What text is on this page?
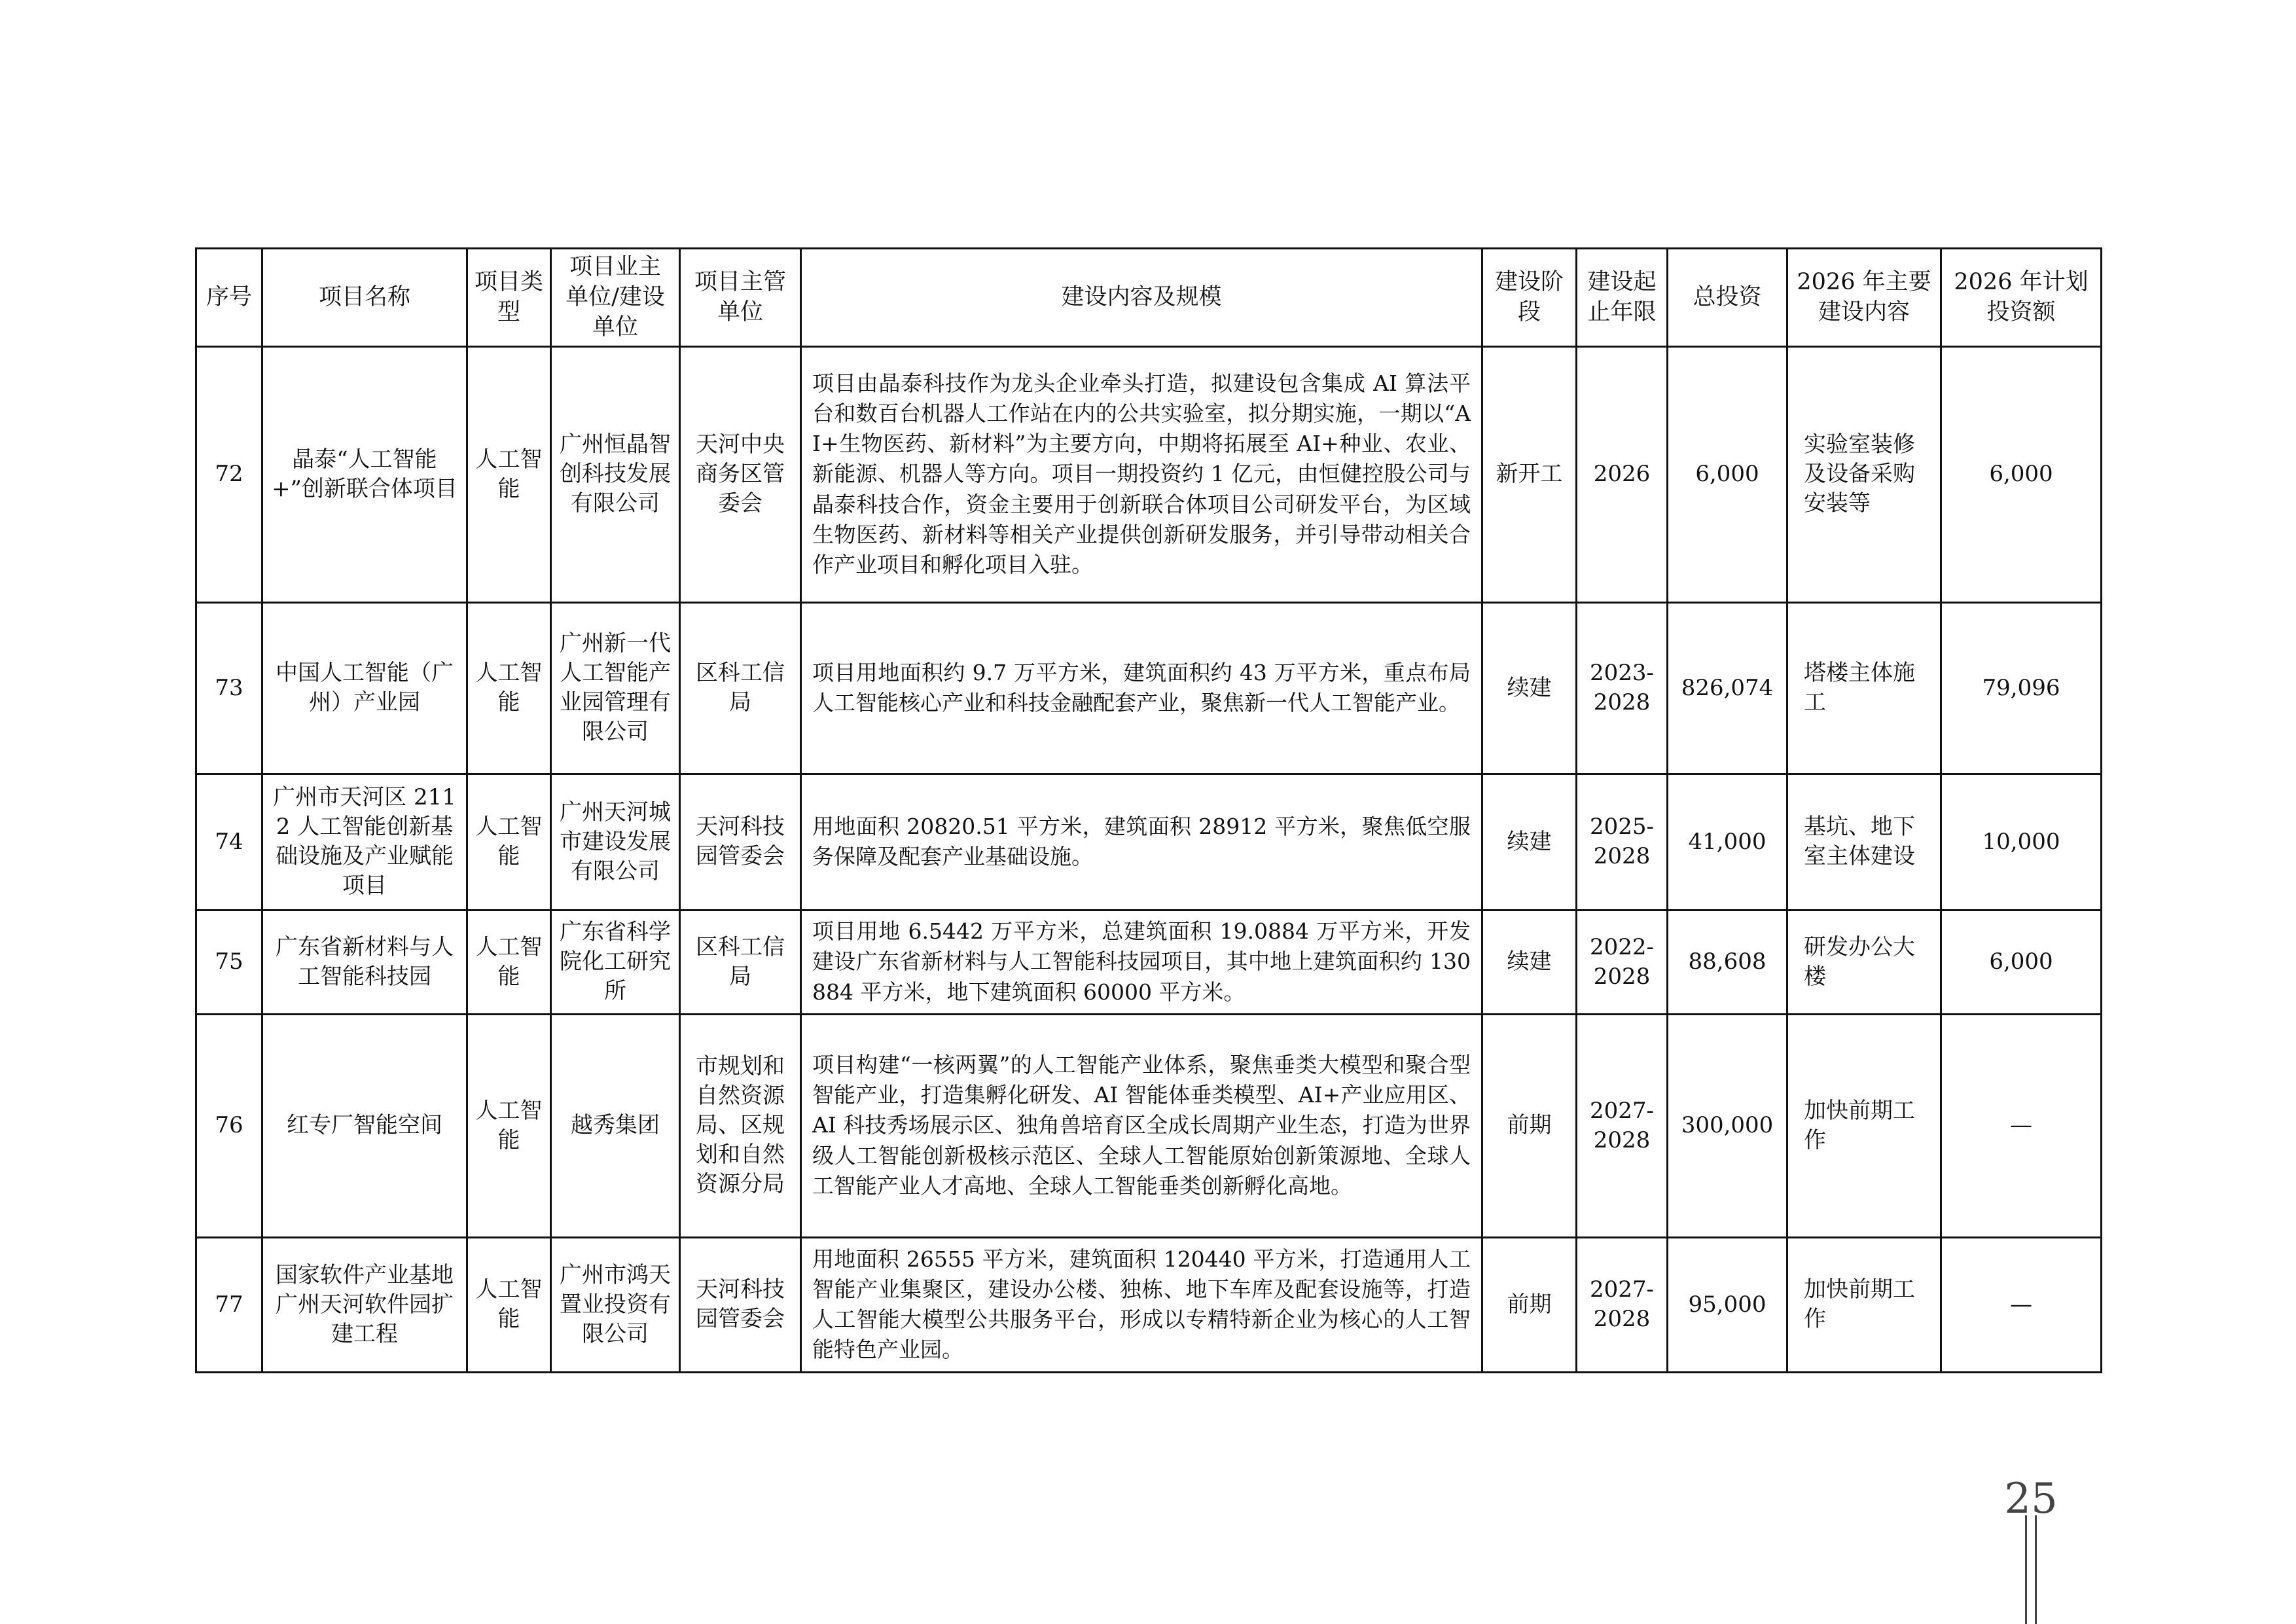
序号	项目名称	项目类型	项目业主单位/建设单位	项目主管单位	建设内容及规模	建设阶段	建设起止年限	总投资	2026 年主要建设内容	2026 年计划投资额
72	晶泰“人工智能+”创新联合体项目	人工智能	广州恒晶智创科技发展有限公司	天河中央商务区管委会	项目由晶泰科技作为龙头企业牵头打造，拟建设包含集成 AI 算法平台和数百台机器人工作站在内的公共实验室，拟分期实施，一期以“AI+生物医药、新材料”为主要方向，中期将拓展至 AI+种业、农业、新能源、机器人等方向。项目一期投资约 1 亿元，由恒健控股公司与晶泰科技合作，资金主要用于创新联合体项目公司研发平台，为区域生物医药、新材料等相关产业提供创新研发服务，并引导带动相关合作产业项目和孵化项目入驻。	新开工	2026	6,000	实验室装修及设备采购安装等	6,000
73	中国人工智能（广州）产业园	人工智能	广州新一代人工智能产业园管理有限公司	区科工信局	项目用地面积约 9.7 万平方米，建筑面积约 43 万平方米，重点布局人工智能核心产业和科技金融配套产业，聚焦新一代人工智能产业。	续建	2023-2028	826,074	塔楼主体施工	79,096
74	广州市天河区 2112 人工智能创新基础设施及产业赋能项目	人工智能	广州天河城市建设发展有限公司	天河科技园管委会	用地面积 20820.51 平方米，建筑面积 28912 平方米，聚焦低空服务保障及配套产业基础设施。	续建	2025-2028	41,000	基坑、地下室主体建设	10,000
75	广东省新材料与人工智能科技园	人工智能	广东省科学院化工研究所	区科工信局	项目用地 6.5442 万平方米，总建筑面积 19.0884 万平方米，开发建设广东省新材料与人工智能科技园项目，其中地上建筑面积约 130884 平方米，地下建筑面积 60000 平方米。	续建	2022-2028	88,608	研发办公大楼	6,000
76	红专厂智能空间	人工智能	越秀集团	市规划和自然资源局、区规划和自然资源分局	项目构建“一核两翼”的人工智能产业体系，聚焦垂类大模型和聚合型智能产业，打造集孵化研发、AI 智能体垂类模型、AI+产业应用区、AI 科技秀场展示区、独角兽培育区全成长周期产业生态，打造为世界级人工智能创新极核示范区、全球人工智能原始创新策源地、全球人工智能产业人才高地、全球人工智能垂类创新孵化高地。	前期	2027-2028	300,000	加快前期工作	—
77	国家软件产业基地广州天河软件园扩建工程	人工智能	广州市鸿天置业投资有限公司	天河科技园管委会	用地面积 26555 平方米，建筑面积 120440 平方米，打造通用人工智能产业集聚区，建设办公楼、独栋、地下车库及配套设施等，打造人工智能大模型公共服务平台，形成以专精特新企业为核心的人工智能特色产业园。	前期	2027-2028	95,000	加快前期工作	—
25
